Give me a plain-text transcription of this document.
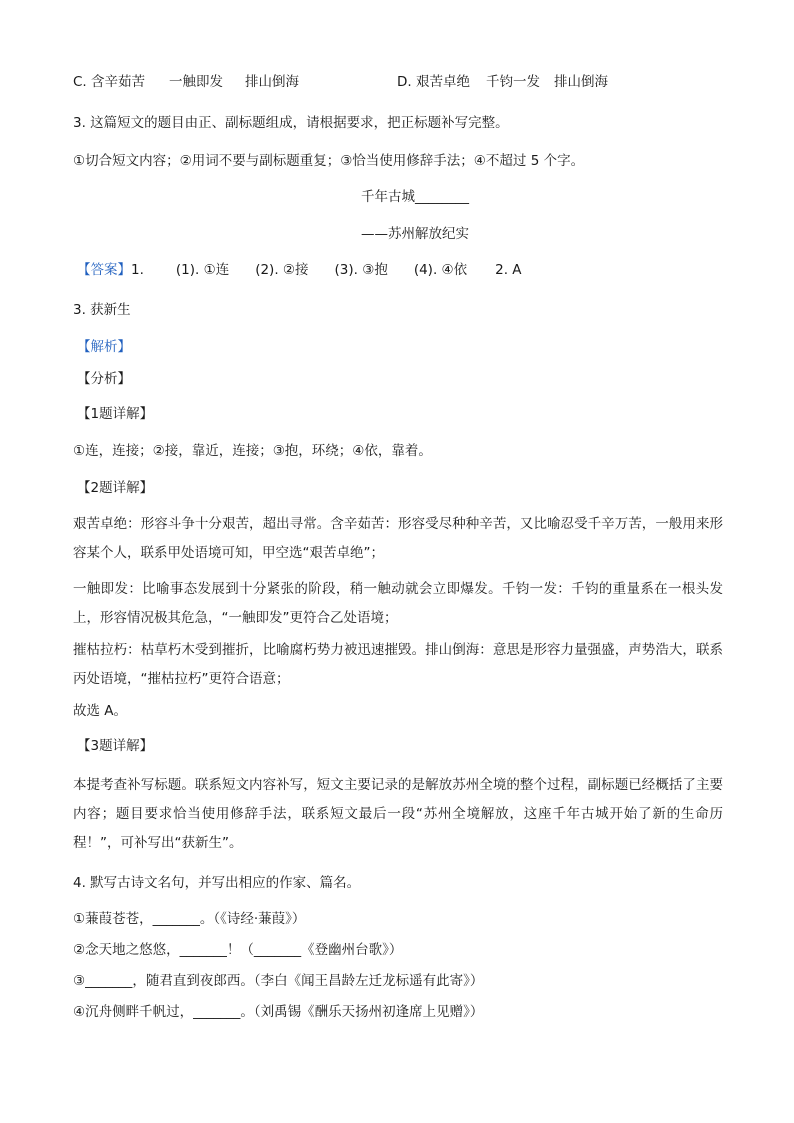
C. 含辛茹苦 一触即发 排山倒海	D. 艰苦卓绝 千钧一发 排山倒海
3. 这篇短文的题目由正、副标题组成，请根据要求，把正标题补写完整。
①切合短文内容；②用词不要与副标题重复；③恰当使用修辞手法；④不超过 5 个字。
千年古城________
——苏州解放纪实
【答案】1. (1). ①连 (2). ②接 (3). ③抱 (4). ④依 2. A
3. 获新生
【解析】
【分析】
【1题详解】
①连，连接；②接，靠近，连接；③抱，环绕；④依，靠着。
【2题详解】
艰苦卓绝：形容斗争十分艰苦，超出寻常。含辛茹苦：形容受尽种种辛苦，又比喻忍受千辛万苦，一般用来形容某个人，联系甲处语境可知，甲空选“艰苦卓绝”；
一触即发：比喻事态发展到十分紧张的阶段，稍一触动就会立即爆发。千钧一发：千钧的重量系在一根头发上，形容情况极其危急，“一触即发”更符合乙处语境；
摧枯拉朽：枯草朽木受到摧折，比喻腐朽势力被迅速摧毁。排山倒海：意思是形容力量强盛，声势浩大，联系丙处语境，“摧枯拉朽”更符合语意；
故选 A。
【3题详解】
本提考查补写标题。联系短文内容补写，短文主要记录的是解放苏州全境的整个过程，副标题已经概括了主要内容；题目要求恰当使用修辞手法，联系短文最后一段“苏州全境解放，这座千年古城开始了新的生命历程！”，可补写出“获新生”。
4. 默写古诗文名句，并写出相应的作家、篇名。
①蒹葭苍苍，_______。（《诗经·蒹葭》）
②念天地之悠悠，_______！（_______《登幽州台歌》）
③_______，随君直到夜郎西。（李白《闻王昌龄左迁龙标遥有此寄》）
④沉舟侧畔千帆过，_______。（刘禹锡《酬乐天扬州初逢席上见赠》）
